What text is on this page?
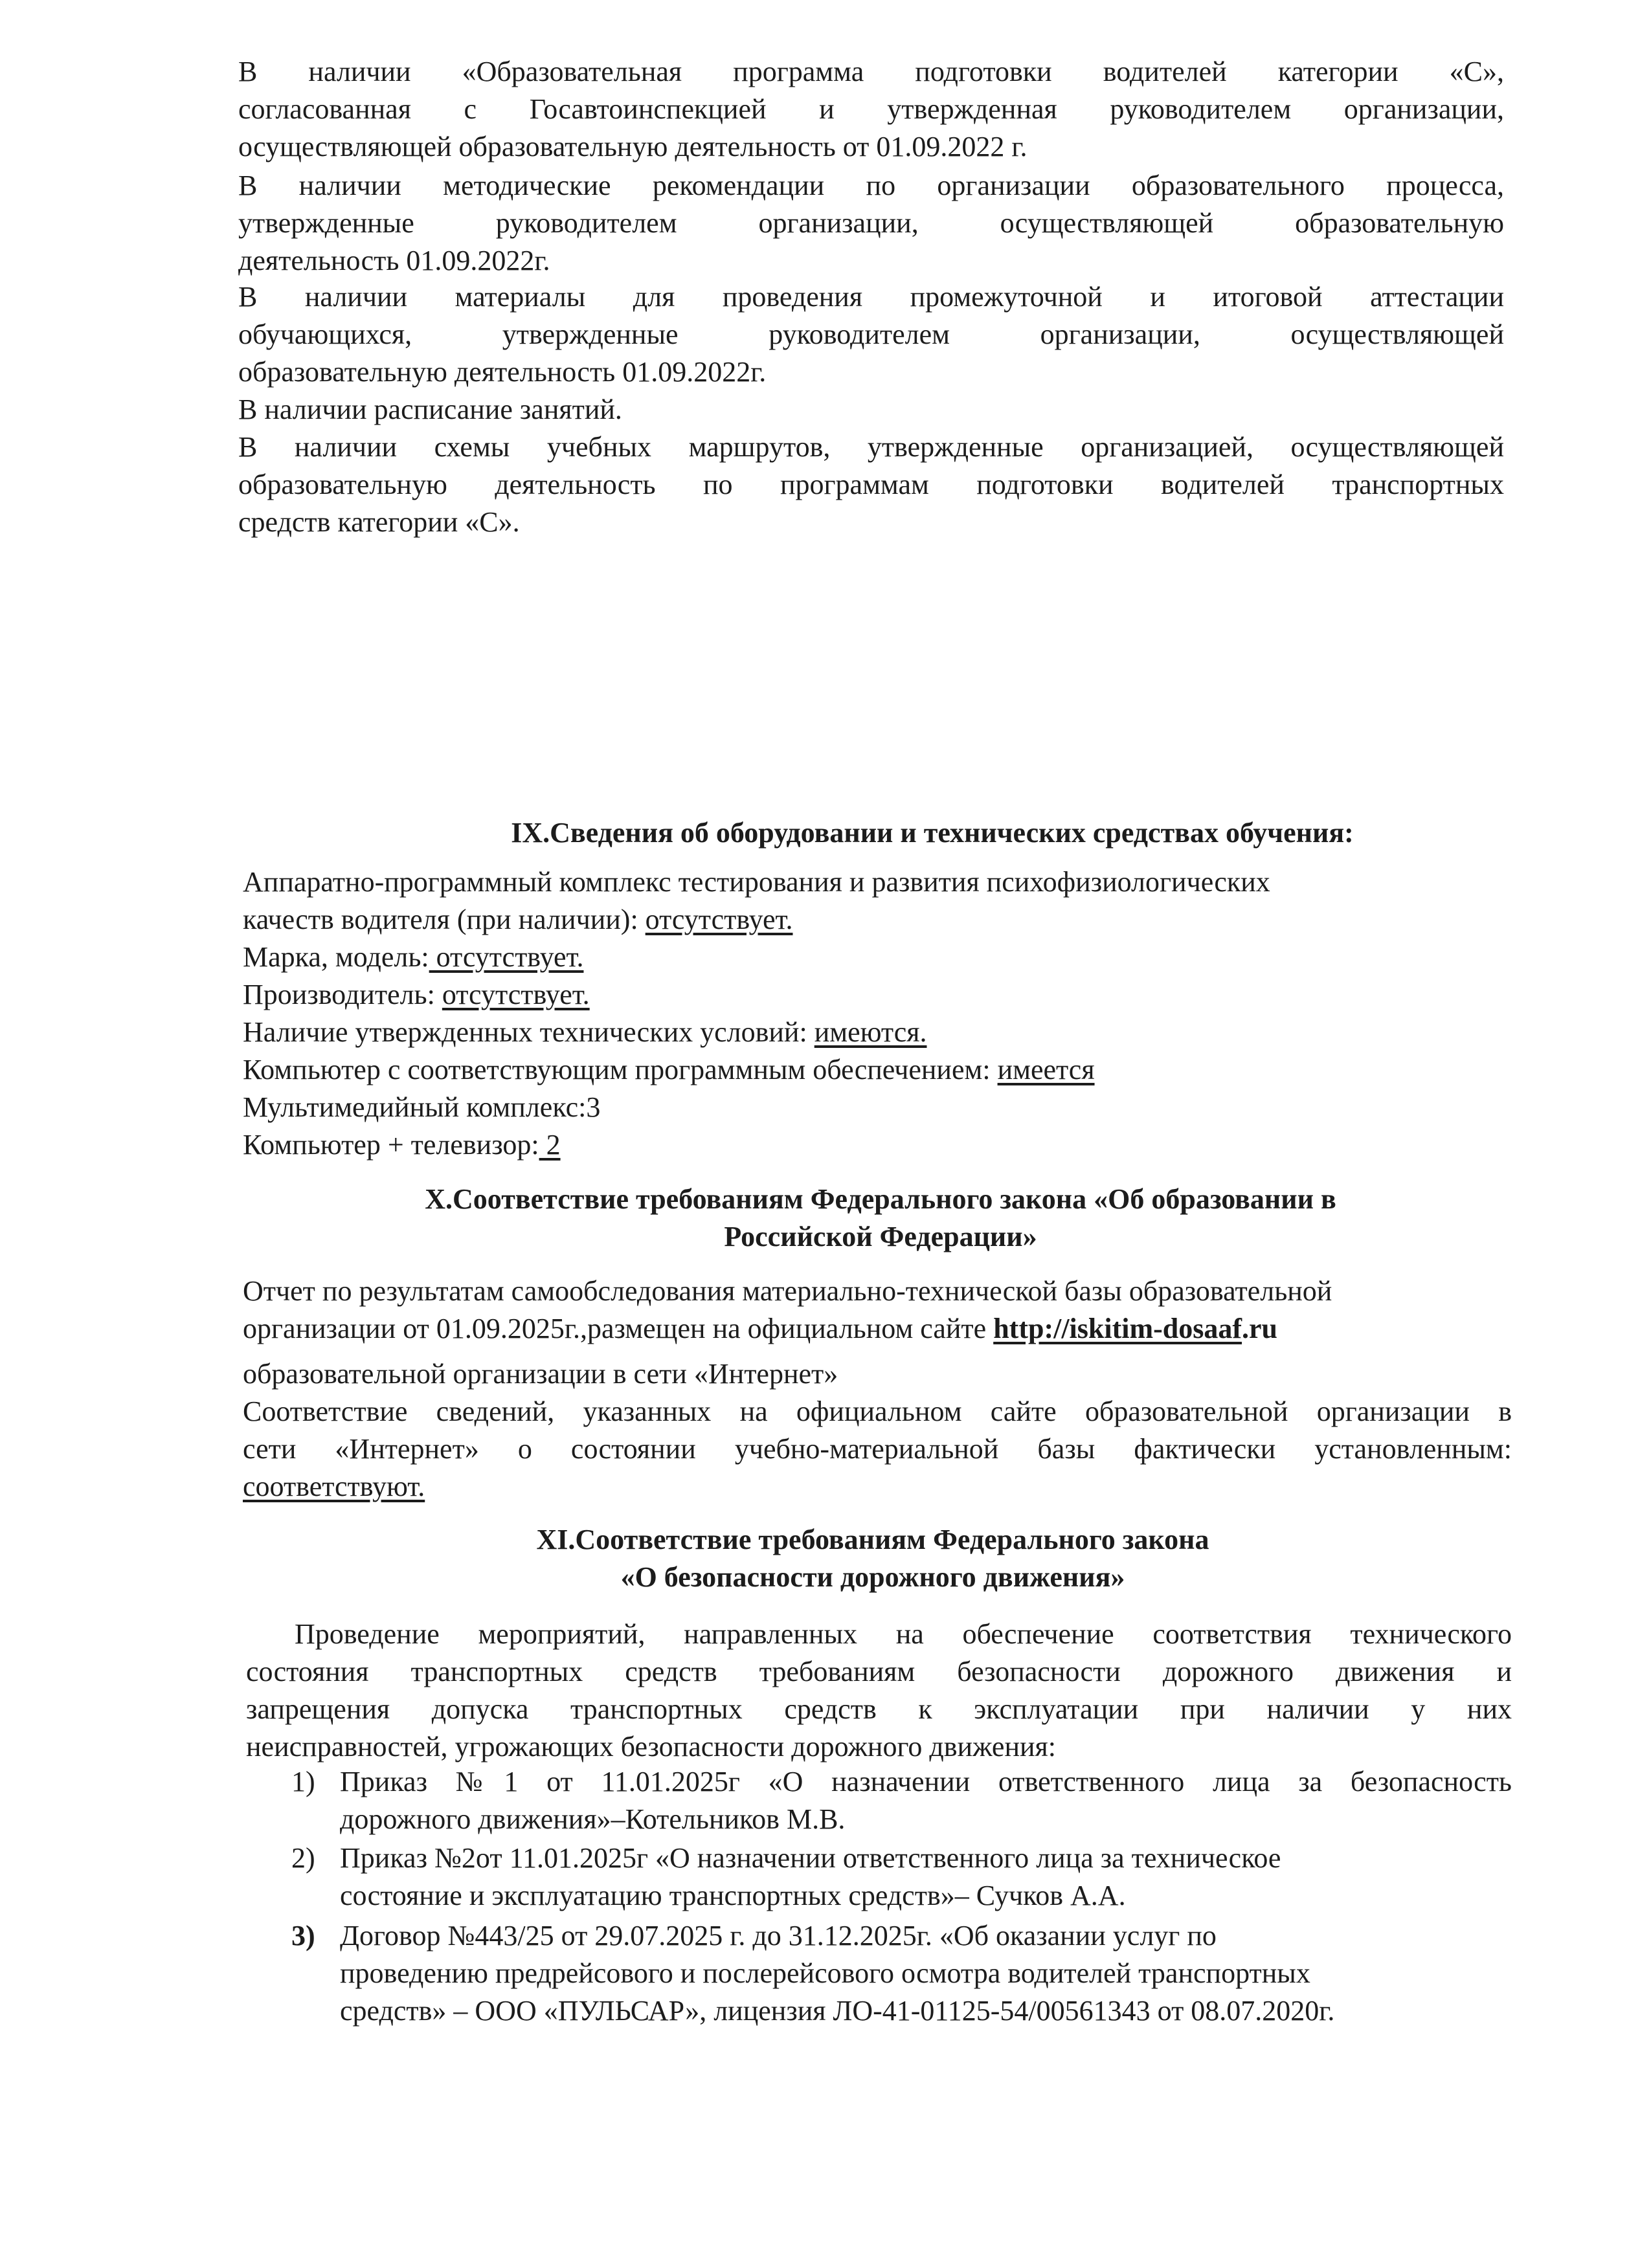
В наличии «Образовательная программа подготовки водителей категории «С»,
согласованная с Госавтоинспекцией и утвержденная руководителем организации,
осуществляющей образовательную деятельность от 01.09.2022 г.
В наличии методические рекомендации по организации образовательного процесса,
утвержденные руководителем организации, осуществляющей образовательную
деятельность 01.09.2022г.
В наличии материалы для проведения промежуточной и итоговой аттестации
обучающихся, утвержденные руководителем организации, осуществляющей
образовательную деятельность 01.09.2022г.
В наличии расписание занятий.
В наличии схемы учебных маршрутов, утвержденные организацией, осуществляющей
образовательную деятельность по программам подготовки водителей транспортных
средств категории «С».
IX.Сведения об оборудовании и технических средствах обучения:
Аппаратно-программный комплекс тестирования и развития психофизиологических
качеств водителя (при наличии): отсутствует.
Марка, модель: отсутствует.
Производитель: отсутствует.
Наличие утвержденных технических условий: имеются.
Компьютер с соответствующим программным обеспечением: имеется
Мультимедийный комплекс:3
Компьютер + телевизор: 2
X.Соответствие требованиям Федерального закона «Об образовании в
Российской Федерации»
Отчет по результатам самообследования материально-технической базы образовательной
организации от 01.09.2025г.,размещен на официальном сайте http://iskitim-dosaaf.ru
образовательной организации в сети «Интернет»
Соответствие сведений, указанных на официальном сайте образовательной организации в
сети «Интернет» о состоянии учебно-материальной базы фактически установленным:
соответствуют.
XI.Соответствие требованиям Федерального закона
«О безопасности дорожного движения»
Проведение мероприятий, направленных на обеспечение соответствия технического
состояния транспортных средств требованиям безопасности дорожного движения и
запрещения допуска транспортных средств к эксплуатации при наличии у них
неисправностей, угрожающих безопасности дорожного движения:
1) Приказ №1 от 11.01.2025г «О назначении ответственного лица за безопасность
дорожного движения»–Котельников М.В.
2) Приказ №2от 11.01.2025г «О назначении ответственного лица за техническое
состояние и эксплуатацию транспортных средств»– Сучков А.А.
3) Договор №443/25 от 29.07.2025 г. до 31.12.2025г. «Об оказании услуг по
проведению предрейсового и послерейсового осмотра водителей транспортных
средств» – ООО «ПУЛЬСАР», лицензия ЛО-41-01125-54/00561343 от 08.07.2020г.
